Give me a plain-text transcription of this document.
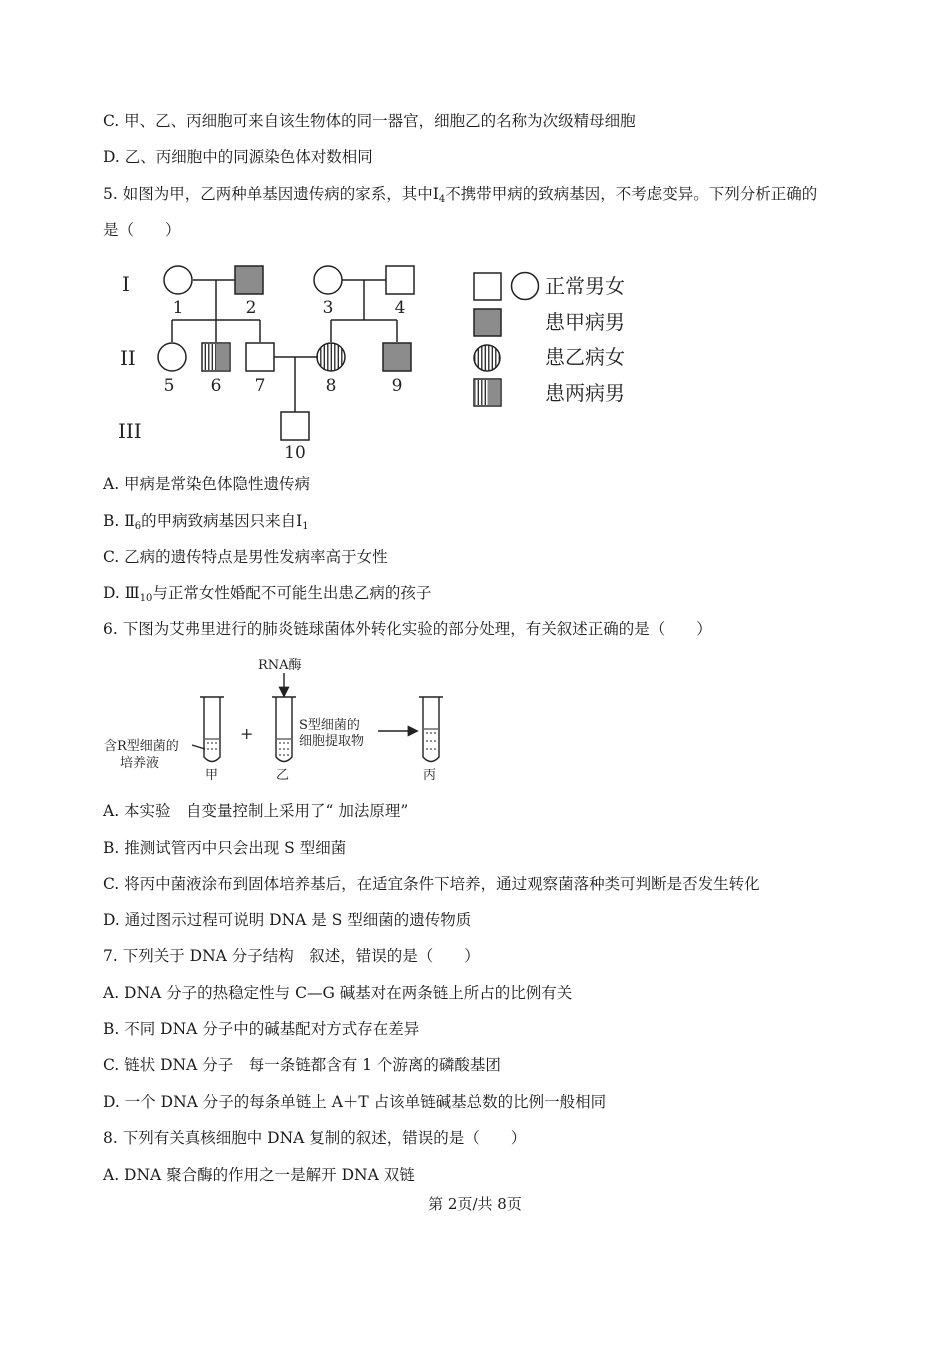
C. 甲、乙、丙细胞可来自该生物体的同一器官，细胞乙的名称为次级精母细胞
D. 乙、丙细胞中的同源染色体对数相同
5. 如图为甲，乙两种单基因遗传病的家系，其中$Ⅰ_4$不携带甲病的致病基因，不考虑变异。下列分析正确的
是（　　）
I
II
III
1	2	3	4
5 6 7	8	9
10
正常男女
患甲病男
患乙病女
患两病男
A. 甲病是常染色体隐性遗传病
B. $Ⅱ_6$的甲病致病基因只来自$Ⅰ_1$
C. 乙病的遗传特点是男性发病率高于女性
D. $Ⅲ_{10}$与正常女性婚配不可能生出患乙病的孩子
6. 下图为艾弗里进行的肺炎链球菌体外转化实验的部分处理，有关叙述正确的是（　　）
RNA酶
+	S型细菌的
细胞提取物
含R型细菌的
培养液
甲	乙	丙
A. 本实验　自变量控制上采用了“ 加法原理”
B. 推测试管丙中只会出现 S 型细菌
C. 将丙中菌液涂布到固体培养基后，在适宜条件下培养，通过观察菌落种类可判断是否发生转化
D. 通过图示过程可说明 DNA 是 S 型细菌的遗传物质
7. 下列关于 DNA 分子结构　叙述，错误的是（　　）
A. DNA 分子的热稳定性与 C—G 碱基对在两条链上所占的比例有关
B. 不同 DNA 分子中的碱基配对方式存在差异
C. 链状 DNA 分子　每一条链都含有 1 个游离的磷酸基团
D. 一个 DNA 分子的每条单链上 A＋T 占该单链碱基总数的比例一般相同
8. 下列有关真核细胞中 DNA 复制的叙述，错误的是（　　）
A. DNA 聚合酶的作用之一是解开 DNA 双链
第 2页/共 8页
